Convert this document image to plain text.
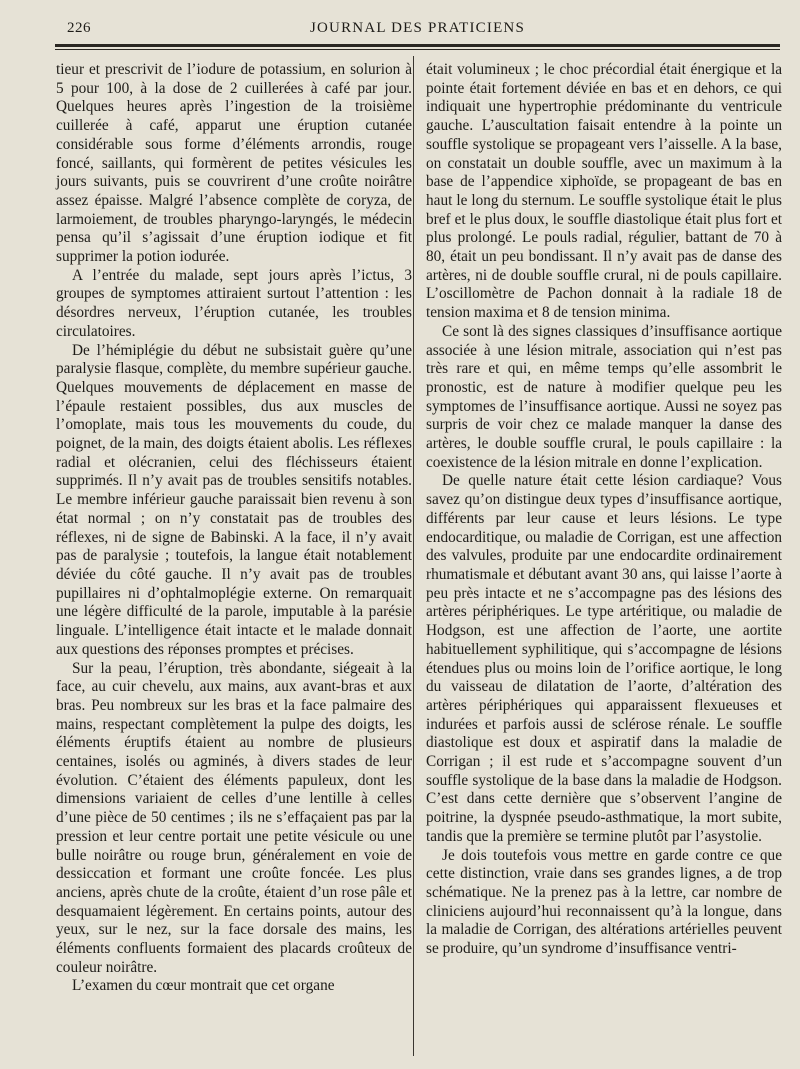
226	JOURNAL DES PRATICIENS

tieur et prescrivit de l’iodure de potassium, en solurion à 5 pour 100, à la dose de 2 cuillerées à café par jour. Quelques heures après l’ingestion de la troisième cuillerée à café, apparut une éruption cutanée considérable sous forme d’éléments arrondis, rouge foncé, saillants, qui formèrent de petites vésicules les jours suivants, puis se couvrirent d’une croûte noirâtre assez épaisse. Malgré l’absence complète de coryza, de larmoiement, de troubles pharyngo-laryngés, le médecin pensa qu’il s’agissait d’une éruption iodique et fit supprimer la potion iodurée.

A l’entrée du malade, sept jours après l’ictus, 3 groupes de symptomes attiraient surtout l’attention : les désordres nerveux, l’éruption cutanée, les troubles circulatoires.

De l’hémiplégie du début ne subsistait guère qu’une paralysie flasque, complète, du membre supérieur gauche. Quelques mouvements de déplacement en masse de l’épaule restaient possibles, dus aux muscles de l’omoplate, mais tous les mouvements du coude, du poignet, de la main, des doigts étaient abolis. Les réflexes radial et olécranien, celui des fléchisseurs étaient supprimés. Il n’y avait pas de troubles sensitifs notables. Le membre inférieur gauche paraissait bien revenu à son état normal ; on n’y constatait pas de troubles des réflexes, ni de signe de Babinski. A la face, il n’y avait pas de paralysie ; toutefois, la langue était notablement déviée du côté gauche. Il n’y avait pas de troubles pupillaires ni d’ophtalmoplégie externe. On remarquait une légère difficulté de la parole, imputable à la parésie linguale. L’intelligence était intacte et le malade donnait aux questions des réponses promptes et précises.

Sur la peau, l’éruption, très abondante, siégeait à la face, au cuir chevelu, aux mains, aux avant-bras et aux bras. Peu nombreux sur les bras et la face palmaire des mains, respectant complètement la pulpe des doigts, les éléments éruptifs étaient au nombre de plusieurs centaines, isolés ou agminés, à divers stades de leur évolution. C’étaient des éléments papuleux, dont les dimensions variaient de celles d’une lentille à celles d’une pièce de 50 centimes ; ils ne s’effaçaient pas par la pression et leur centre portait une petite vésicule ou une bulle noirâtre ou rouge brun, généralement en voie de dessiccation et formant une croûte foncée. Les plus anciens, après chute de la croûte, étaient d’un rose pâle et desquamaient légèrement. En certains points, autour des yeux, sur le nez, sur la face dorsale des mains, les éléments confluents formaient des placards croûteux de couleur noirâtre.

L’examen du cœur montrait que cet organe

était volumineux ; le choc précordial était énergique et la pointe était fortement déviée en bas et en dehors, ce qui indiquait une hypertrophie prédominante du ventricule gauche. L’auscultation faisait entendre à la pointe un souffle systolique se propageant vers l’aisselle. A la base, on constatait un double souffle, avec un maximum à la base de l’appendice xiphoïde, se propageant de bas en haut le long du sternum. Le souffle systolique était le plus bref et le plus doux, le souffle diastolique était plus fort et plus prolongé. Le pouls radial, régulier, battant de 70 à 80, était un peu bondissant. Il n’y avait pas de danse des artères, ni de double souffle crural, ni de pouls capillaire. L’oscillomètre de Pachon donnait à la radiale 18 de tension maxima et 8 de tension minima.

Ce sont là des signes classiques d’insuffisance aortique associée à une lésion mitrale, association qui n’est pas très rare et qui, en même temps qu’elle assombrit le pronostic, est de nature à modifier quelque peu les symptomes de l’insuffisance aortique. Aussi ne soyez pas surpris de voir chez ce malade manquer la danse des artères, le double souffle crural, le pouls capillaire : la coexistence de la lésion mitrale en donne l’explication.

De quelle nature était cette lésion cardiaque? Vous savez qu’on distingue deux types d’insuffisance aortique, différents par leur cause et leurs lésions. Le type endocarditique, ou maladie de Corrigan, est une affection des valvules, produite par une endocardite ordinairement rhumatismale et débutant avant 30 ans, qui laisse l’aorte à peu près intacte et ne s’accompagne pas des lésions des artères périphériques. Le type artéritique, ou maladie de Hodgson, est une affection de l’aorte, une aortite habituellement syphilitique, qui s’accompagne de lésions étendues plus ou moins loin de l’orifice aortique, le long du vaisseau de dilatation de l’aorte, d’altération des artères périphériques qui apparaissent flexueuses et indurées et parfois aussi de sclérose rénale. Le souffle diastolique est doux et aspiratif dans la maladie de Corrigan ; il est rude et s’accompagne souvent d’un souffle systolique de la base dans la maladie de Hodgson. C’est dans cette dernière que s’observent l’angine de poitrine, la dyspnée pseudo-asthmatique, la mort subite, tandis que la première se termine plutôt par l’asystolie.

Je dois toutefois vous mettre en garde contre ce que cette distinction, vraie dans ses grandes lignes, a de trop schématique. Ne la prenez pas à la lettre, car nombre de cliniciens aujourd’hui reconnaissent qu’à la longue, dans la maladie de Corrigan, des altérations artérielles peuvent se produire, qu’un syndrome d’insuffisance ventri-
